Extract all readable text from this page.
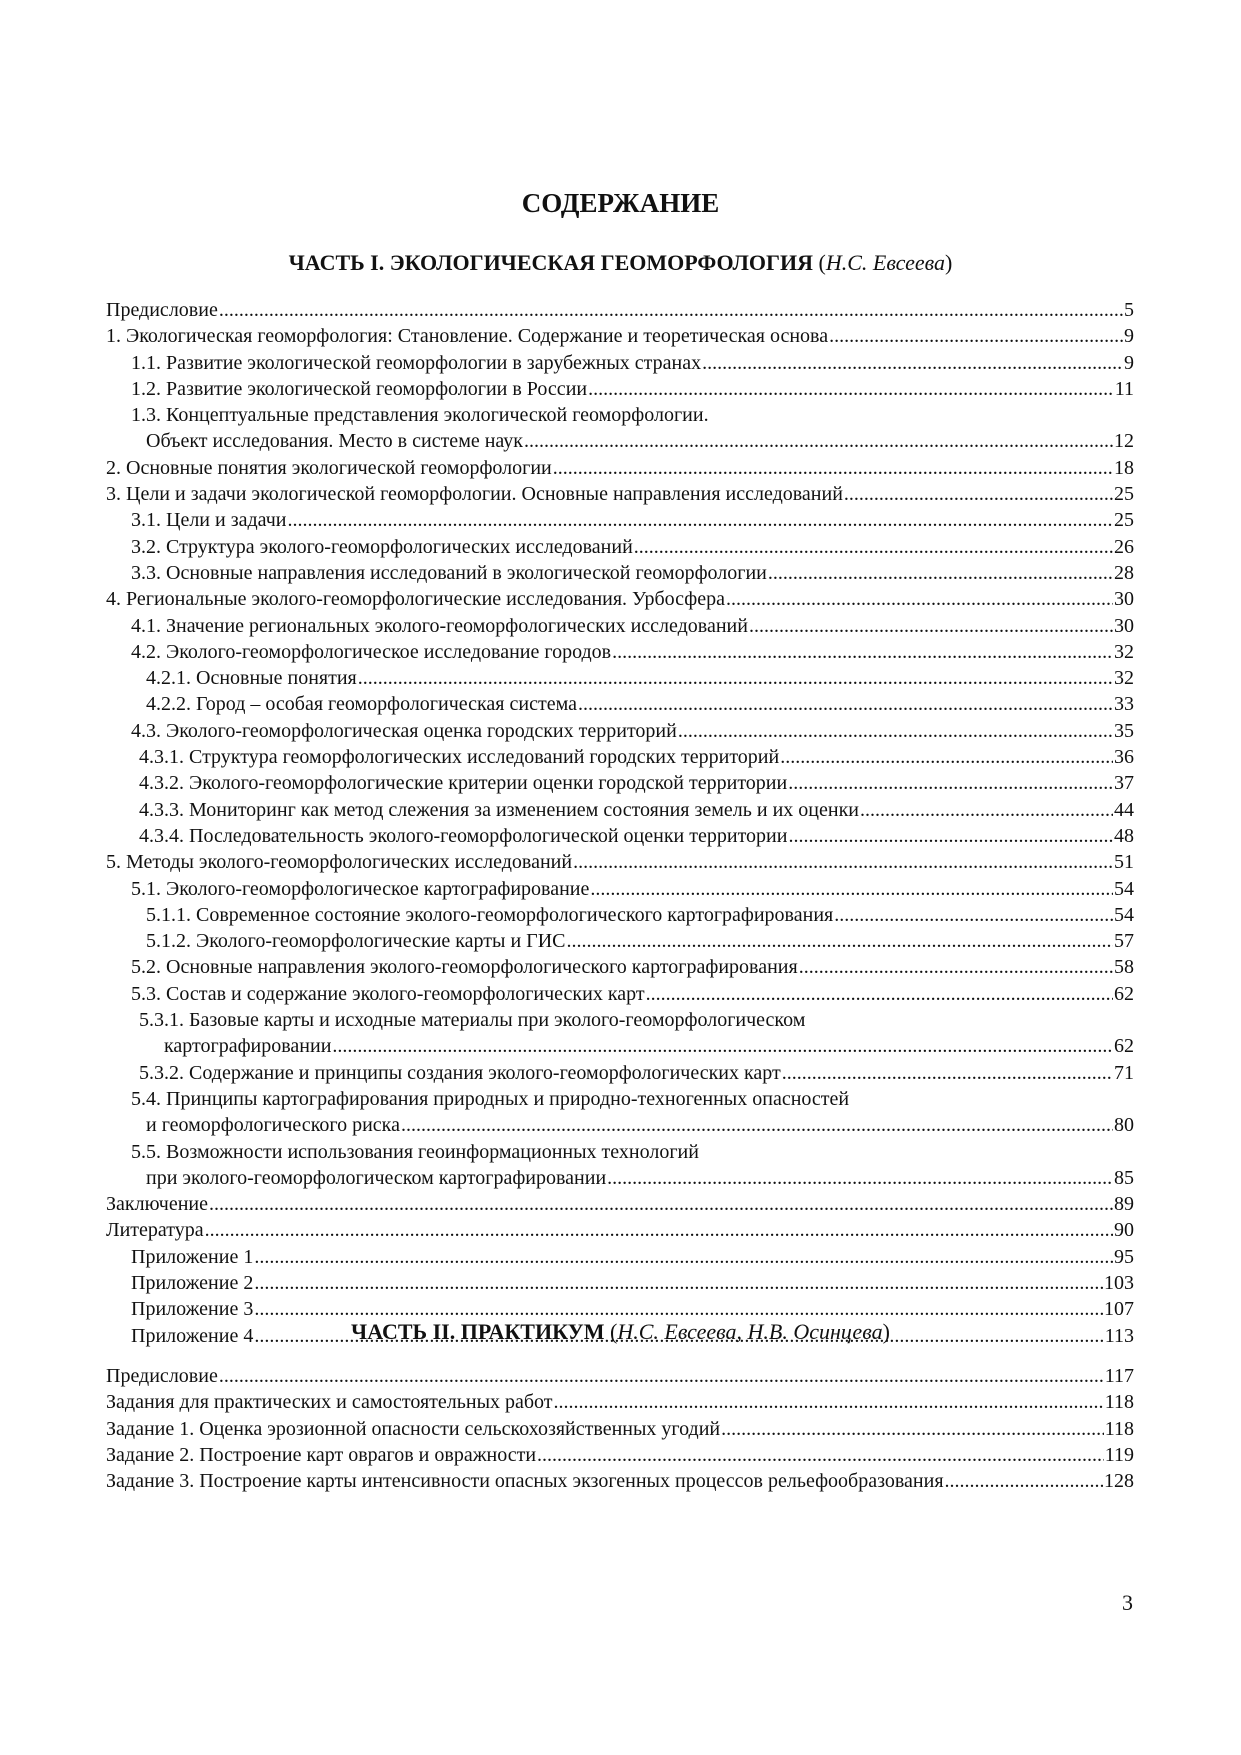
СОДЕРЖАНИЕ
ЧАСТЬ I. ЭКОЛОГИЧЕСКАЯ ГЕОМОРФОЛОГИЯ (Н.С. Евсеева)
Предисловие .....	5
1. Экологическая геоморфология: Становление. Содержание и теоретическая основа .....	9
1.1. Развитие экологической геоморфологии в зарубежных странах .....	9
1.2. Развитие экологической геоморфологии в России .....	11
1.3. Концептуальные представления экологической геоморфологии.
Объект исследования. Место в системе наук .....	12
2. Основные понятия экологической геоморфологии .....	18
3. Цели и задачи экологической геоморфологии. Основные направления исследований .....	25
3.1. Цели и задачи .....	25
3.2. Структура эколого-геоморфологических исследований .....	26
3.3. Основные направления исследований в экологической геоморфологии .....	28
4. Региональные эколого-геоморфологические исследования. Урбосфера .....	30
4.1. Значение региональных эколого-геоморфологических исследований .....	30
4.2. Эколого-геоморфологическое исследование городов .....	32
4.2.1. Основные понятия .....	32
4.2.2. Город – особая геоморфологическая система .....	33
4.3. Эколого-геоморфологическая оценка городских территорий .....	35
4.3.1. Структура геоморфологических исследований городских территорий .....	36
4.3.2. Эколого-геоморфологические критерии оценки городской территории .....	37
4.3.3. Мониторинг как метод слежения за изменением состояния земель и их оценки .....	44
4.3.4. Последовательность эколого-геоморфологической оценки территории .....	48
5. Методы эколого-геоморфологических исследований .....	51
5.1. Эколого-геоморфологическое картографирование .....	54
5.1.1. Современное состояние эколого-геоморфологического картографирования .....	54
5.1.2. Эколого-геоморфологические карты и ГИС .....	57
5.2. Основные направления эколого-геоморфологического картографирования .....	58
5.3. Состав и содержание эколого-геоморфологических карт .....	62
5.3.1. Базовые карты и исходные материалы при эколого-геоморфологическом
картографировании .....	62
5.3.2. Содержание и принципы создания эколого-геоморфологических карт .....	71
5.4. Принципы картографирования природных и природно-техногенных опасностей
и геоморфологического риска .....	80
5.5. Возможности использования геоинформационных технологий
при эколого-геоморфологическом картографировании .....	85
Заключение .....	89
Литература .....	90
Приложение 1 .....	95
Приложение 2 .....	103
Приложение 3 .....	107
Приложение 4 .....	113
ЧАСТЬ II. ПРАКТИКУМ (Н.С. Евсеева, Н.В. Осинцева)
Предисловие .....	117
Задания для практических и самостоятельных работ .....	118
Задание 1. Оценка эрозионной опасности сельскохозяйственных угодий .....	118
Задание 2. Построение карт оврагов и овражности .....	119
Задание 3. Построение карты интенсивности опасных экзогенных процессов рельефообразования .....	128
3
